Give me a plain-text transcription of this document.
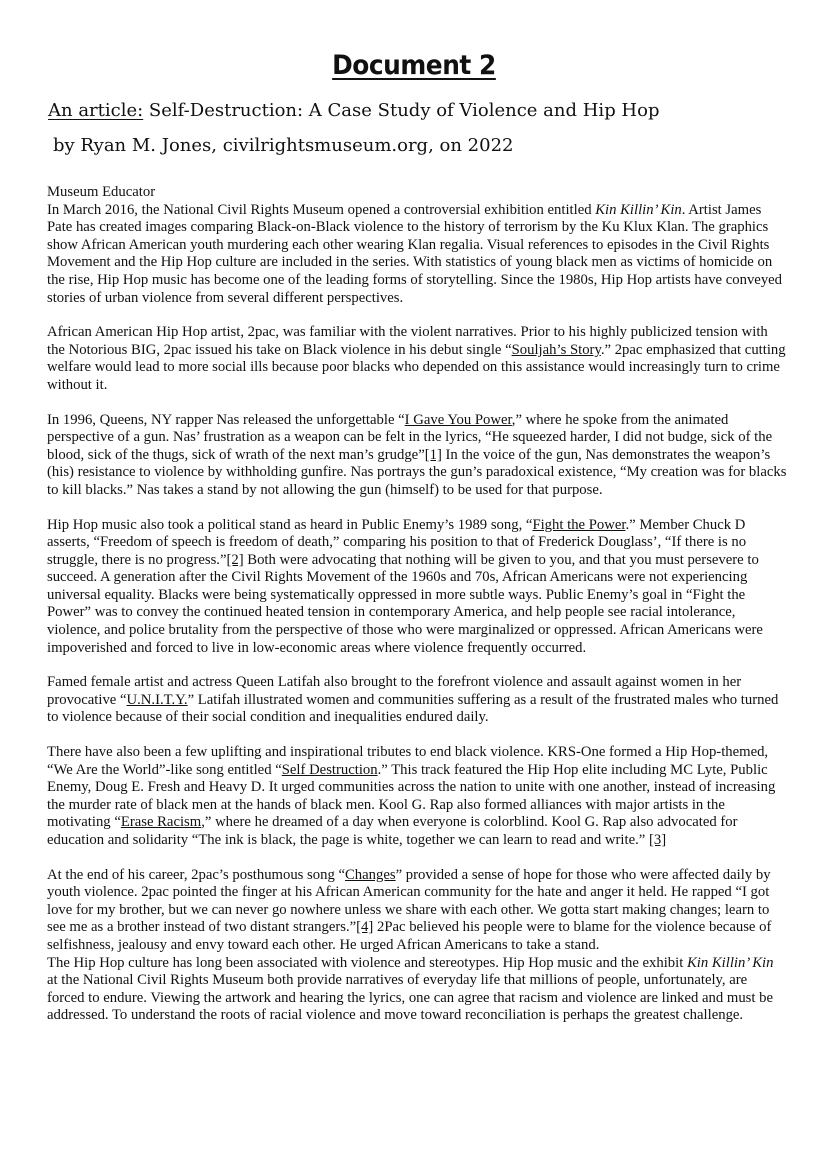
Document 2
An article: Self-Destruction: A Case Study of Violence and Hip Hop
by Ryan M. Jones, civilrightsmuseum.org, on 2022

Museum Educator

In March 2016, the National Civil Rights Museum opened a controversial exhibition entitled Kin Killin’ Kin. Artist James Pate has created images comparing Black-on-Black violence to the history of terrorism by the Ku Klux Klan. The graphics show African American youth murdering each other wearing Klan regalia. Visual references to episodes in the Civil Rights Movement and the Hip Hop culture are included in the series. With statistics of young black men as victims of homicide on the rise, Hip Hop music has become one of the leading forms of storytelling. Since the 1980s, Hip Hop artists have conveyed stories of urban violence from several different perspectives.

African American Hip Hop artist, 2pac, was familiar with the violent narratives. Prior to his highly publicized tension with the Notorious BIG, 2pac issued his take on Black violence in his debut single “Souljah’s Story.” 2pac emphasized that cutting welfare would lead to more social ills because poor blacks who depended on this assistance would increasingly turn to crime without it.

In 1996, Queens, NY rapper Nas released the unforgettable “I Gave You Power,” where he spoke from the animated perspective of a gun. Nas’ frustration as a weapon can be felt in the lyrics, “He squeezed harder, I did not budge, sick of the blood, sick of the thugs, sick of wrath of the next man’s grudge”[1] In the voice of the gun, Nas demonstrates the weapon’s (his) resistance to violence by withholding gunfire. Nas portrays the gun’s paradoxical existence, “My creation was for blacks to kill blacks.” Nas takes a stand by not allowing the gun (himself) to be used for that purpose.

Hip Hop music also took a political stand as heard in Public Enemy’s 1989 song, “Fight the Power.” Member Chuck D asserts, “Freedom of speech is freedom of death,” comparing his position to that of Frederick Douglass’, “If there is no struggle, there is no progress.”[2] Both were advocating that nothing will be given to you, and that you must persevere to succeed. A generation after the Civil Rights Movement of the 1960s and 70s, African Americans were not experiencing universal equality. Blacks were being systematically oppressed in more subtle ways. Public Enemy’s goal in “Fight the Power” was to convey the continued heated tension in contemporary America, and help people see racial intolerance, violence, and police brutality from the perspective of those who were marginalized or oppressed. African Americans were impoverished and forced to live in low-economic areas where violence frequently occurred.

Famed female artist and actress Queen Latifah also brought to the forefront violence and assault against women in her provocative “U.N.I.T.Y.” Latifah illustrated women and communities suffering as a result of the frustrated males who turned to violence because of their social condition and inequalities endured daily.

There have also been a few uplifting and inspirational tributes to end black violence. KRS-One formed a Hip Hop-themed, “We Are the World”-like song entitled “Self Destruction.” This track featured the Hip Hop elite including MC Lyte, Public Enemy, Doug E. Fresh and Heavy D. It urged communities across the nation to unite with one another, instead of increasing the murder rate of black men at the hands of black men. Kool G. Rap also formed alliances with major artists in the motivating “Erase Racism,” where he dreamed of a day when everyone is colorblind. Kool G. Rap also advocated for education and solidarity “The ink is black, the page is white, together we can learn to read and write.” [3]

At the end of his career, 2pac’s posthumous song “Changes” provided a sense of hope for those who were affected daily by youth violence. 2pac pointed the finger at his African American community for the hate and anger it held. He rapped “I got love for my brother, but we can never go nowhere unless we share with each other. We gotta start making changes; learn to see me as a brother instead of two distant strangers.”[4] 2Pac believed his people were to blame for the violence because of selfishness, jealousy and envy toward each other. He urged African Americans to take a stand.

The Hip Hop culture has long been associated with violence and stereotypes. Hip Hop music and the exhibit Kin Killin’ Kin at the National Civil Rights Museum both provide narratives of everyday life that millions of people, unfortunately, are forced to endure. Viewing the artwork and hearing the lyrics, one can agree that racism and violence are linked and must be addressed. To understand the roots of racial violence and move toward reconciliation is perhaps the greatest challenge.
